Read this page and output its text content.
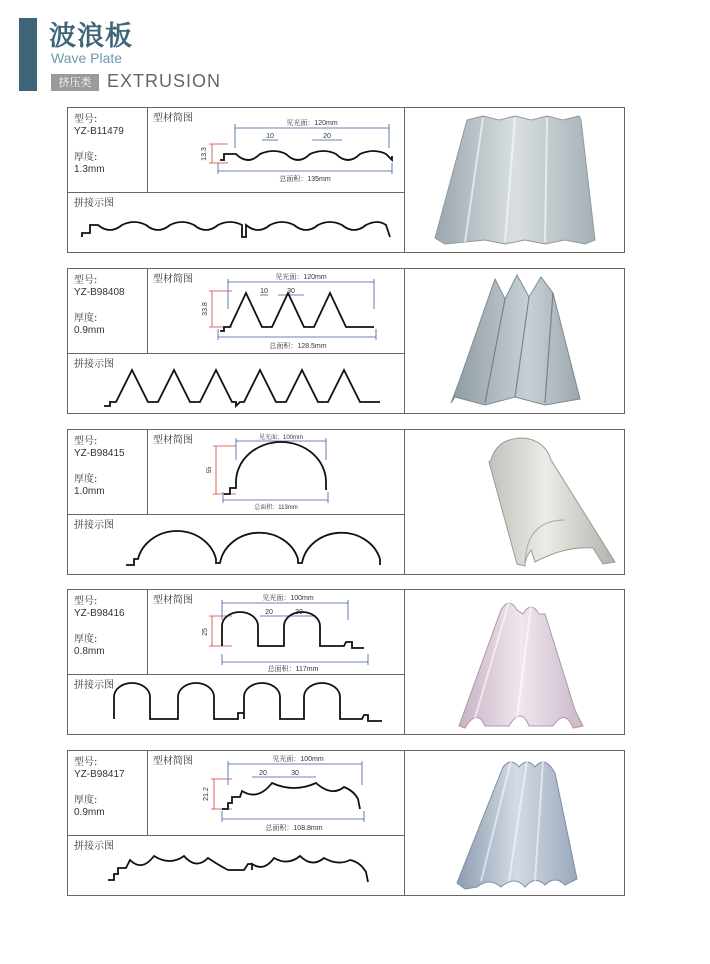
波浪板
Wave Plate
挤压类 EXTRUSION
型号:
YZ-B11479
厚度:
1.3mm
型材简图	见光面：120mm
10	20
13.3
总面积：135mm
拼接示图
型号:
YZ-B98408
厚度:
0.9mm
型材简图	见光面：120mm
10	30
33.8
总面积：128.5mm
拼接示图
型号:
YZ-B98415
厚度:
1.0mm
型材简图	见光面：100mm
55
总面积：113mm
拼接示图
型号:
YZ-B98416
厚度:
0.8mm
型材简图	见光面：100mm
20	30
25
总面积：117mm
拼接示图
型号:
YZ-B98417
厚度:
0.9mm
型材简图	见光面：100mm
20	30
21.2
总面积：108.8mm
拼接示图
